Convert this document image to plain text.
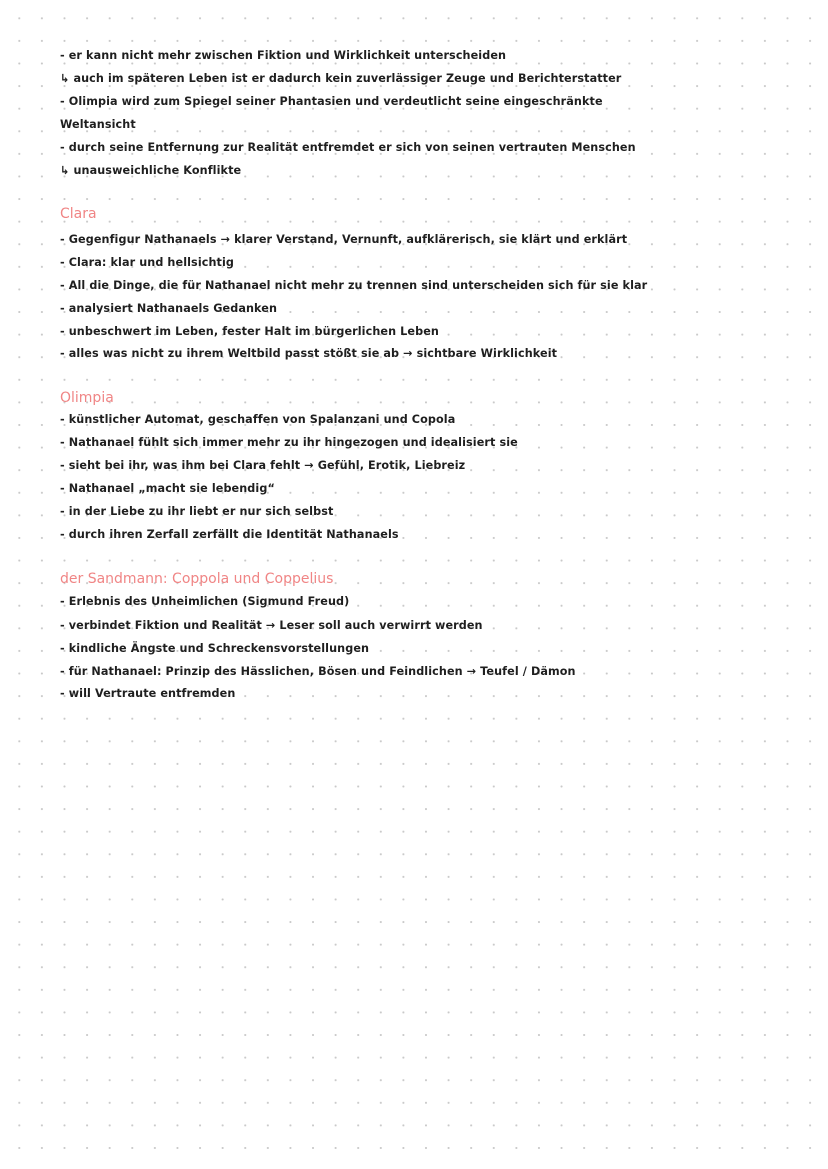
- er kann nicht mehr zwischen Fiktion und Wirklichkeit unterscheiden
↳ auch im späteren Leben ist er dadurch kein zuverlässiger Zeuge und Berichterstatter
- Olimpia wird zum Spiegel seiner Phantasien und verdeutlicht seine eingeschränkte
Weltansicht
- durch seine Entfernung zur Realität entfremdet er sich von seinen vertrauten Menschen
↳ unausweichliche Konflikte
Clara
- Gegenfigur Nathanaels → klarer Verstand, Vernunft, aufklärerisch, sie klärt und erklärt
- Clara: klar und hellsichtig
- All die Dinge, die für Nathanael nicht mehr zu trennen sind unterscheiden sich für sie klar
- analysiert Nathanaels Gedanken
- unbeschwert im Leben, fester Halt im bürgerlichen Leben
- alles was nicht zu ihrem Weltbild passt stößt sie ab → sichtbare Wirklichkeit
Olimpia
- künstlicher Automat, geschaffen von Spalanzani und Copola
- Nathanael fühlt sich immer mehr zu ihr hingezogen und idealisiert sie
- sieht bei ihr, was ihm bei Clara fehlt → Gefühl, Erotik, Liebreiz
- Nathanael „macht sie lebendig“
- in der Liebe zu ihr liebt er nur sich selbst
- durch ihren Zerfall zerfällt die Identität Nathanaels
der Sandmann: Coppola und Coppelius
- Erlebnis des Unheimlichen (Sigmund Freud)
- verbindet Fiktion und Realität → Leser soll auch verwirrt werden
- kindliche Ängste und Schreckensvorstellungen
- für Nathanael: Prinzip des Hässlichen, Bösen und Feindlichen → Teufel / Dämon
- will Vertraute entfremden
